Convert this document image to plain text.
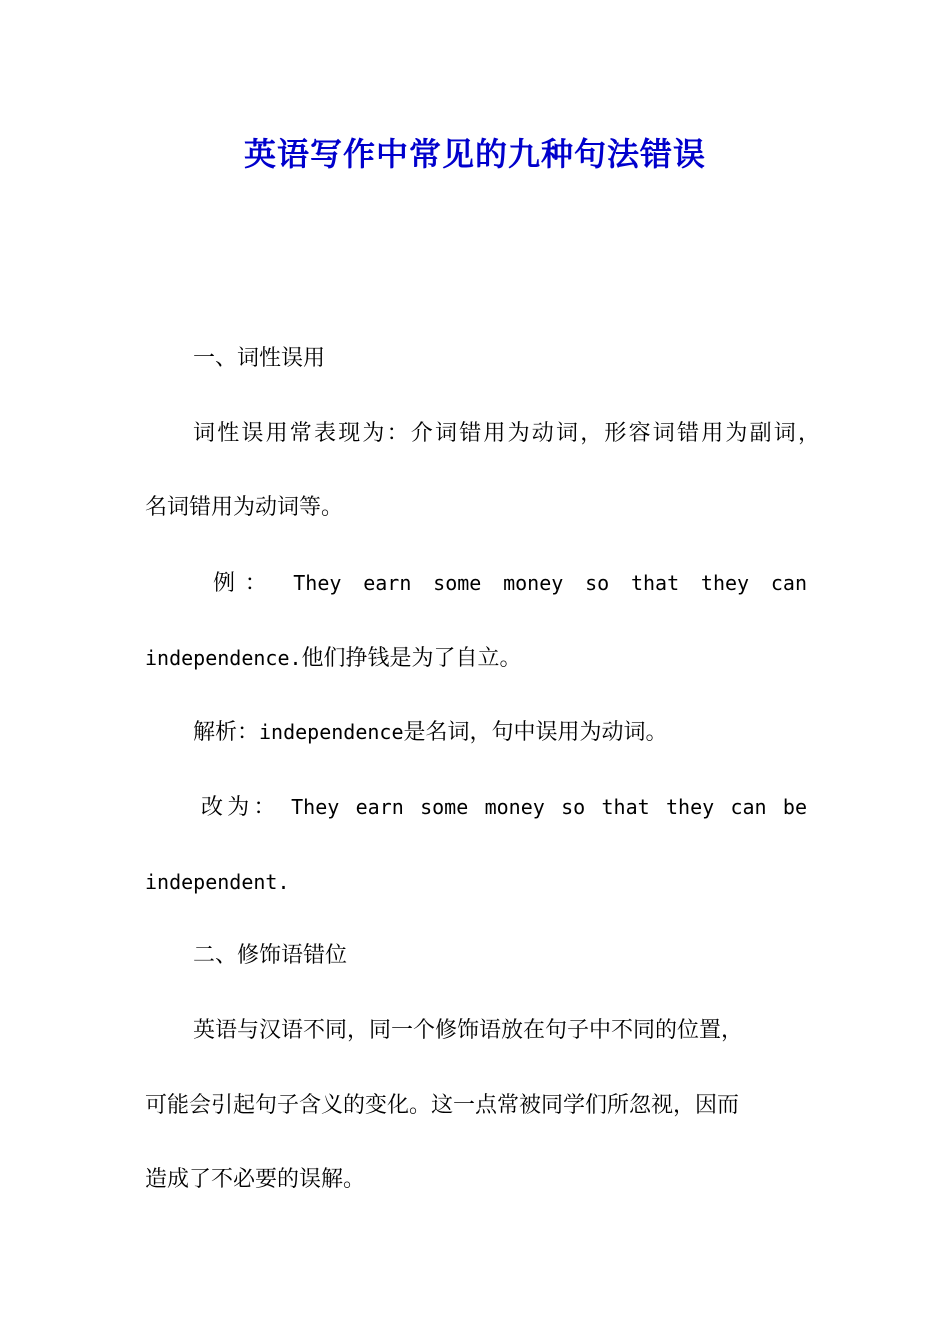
英语写作中常见的九种句法错误

一、词性误用

词性误用常表现为：介词错用为动词，形容词错用为副词，

名词错用为动词等。

例： They earn some money so that they can

independence.他们挣钱是为了自立。

解析：independence是名词，句中误用为动词。

改为： They earn some money so that they can be

independent.

二、修饰语错位

英语与汉语不同，同一个修饰语放在句子中不同的位置，

可能会引起句子含义的变化。这一点常被同学们所忽视，因而

造成了不必要的误解。
